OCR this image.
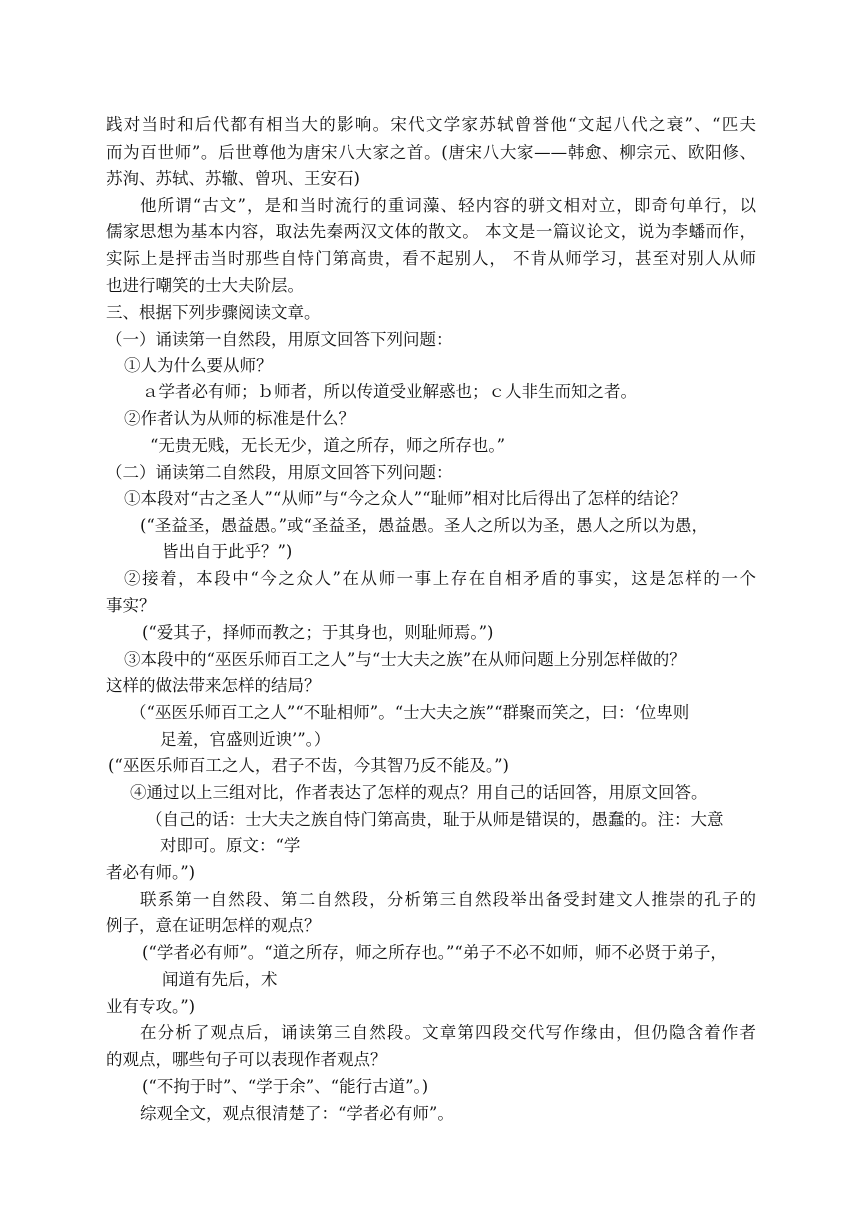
践对当时和后代都有相当大的影响。宋代文学家苏轼曾誉他“文起八代之衰”、“匹夫
而为百世师”。后世尊他为唐宋八大家之首。(唐宋八大家——韩愈、柳宗元、欧阳修、
苏洵、苏轼、苏辙、曾巩、王安石)
他所谓“古文”，是和当时流行的重词藻、轻内容的骈文相对立，即奇句单行，以
儒家思想为基本内容，取法先秦两汉文体的散文。 本文是一篇议论文，说为李蟠而作，
实际上是抨击当时那些自恃门第高贵，看不起别人， 不肯从师学习，甚至对别人从师
也进行嘲笑的士大夫阶层。
三、根据下列步骤阅读文章。
（一）诵读第一自然段，用原文回答下列问题：
①人为什么要从师？
ａ学者必有师；ｂ师者，所以传道受业解惑也；ｃ人非生而知之者。
②作者认为从师的标准是什么？
“无贵无贱，无长无少，道之所存，师之所存也。”
（二）诵读第二自然段，用原文回答下列问题：
①本段对“古之圣人”“从师”与“今之众人”“耻师”相对比后得出了怎样的结论？
(“圣益圣，愚益愚。”或“圣益圣，愚益愚。圣人之所以为圣，愚人之所以为愚，
皆出自于此乎？”)
②接着，本段中“今之众人”在从师一事上存在自相矛盾的事实，这是怎样的一个
事实？
(“爱其子，择师而教之；于其身也，则耻师焉。”)
③本段中的“巫医乐师百工之人”与“士大夫之族”在从师问题上分别怎样做的？
这样的做法带来怎样的结局？
（“巫医乐师百工之人”“不耻相师”。“士大夫之族”“群聚而笑之，曰：‘位卑则
足羞，官盛则近谀’”。）
(“巫医乐师百工之人，君子不齿，今其智乃反不能及。”)
④通过以上三组对比，作者表达了怎样的观点？用自己的话回答，用原文回答。
（自己的话：士大夫之族自恃门第高贵，耻于从师是错误的，愚蠢的。注：大意
对即可。原文：“学
者必有师。”)
联系第一自然段、第二自然段，分析第三自然段举出备受封建文人推崇的孔子的
例子，意在证明怎样的观点？
(“学者必有师”。“道之所存，师之所存也。”“弟子不必不如师，师不必贤于弟子，
闻道有先后，术
业有专攻。”)
在分析了观点后，诵读第三自然段。文章第四段交代写作缘由，但仍隐含着作者
的观点，哪些句子可以表现作者观点？
(“不拘于时”、“学于余”、“能行古道”。)
综观全文，观点很清楚了：“学者必有师”。
